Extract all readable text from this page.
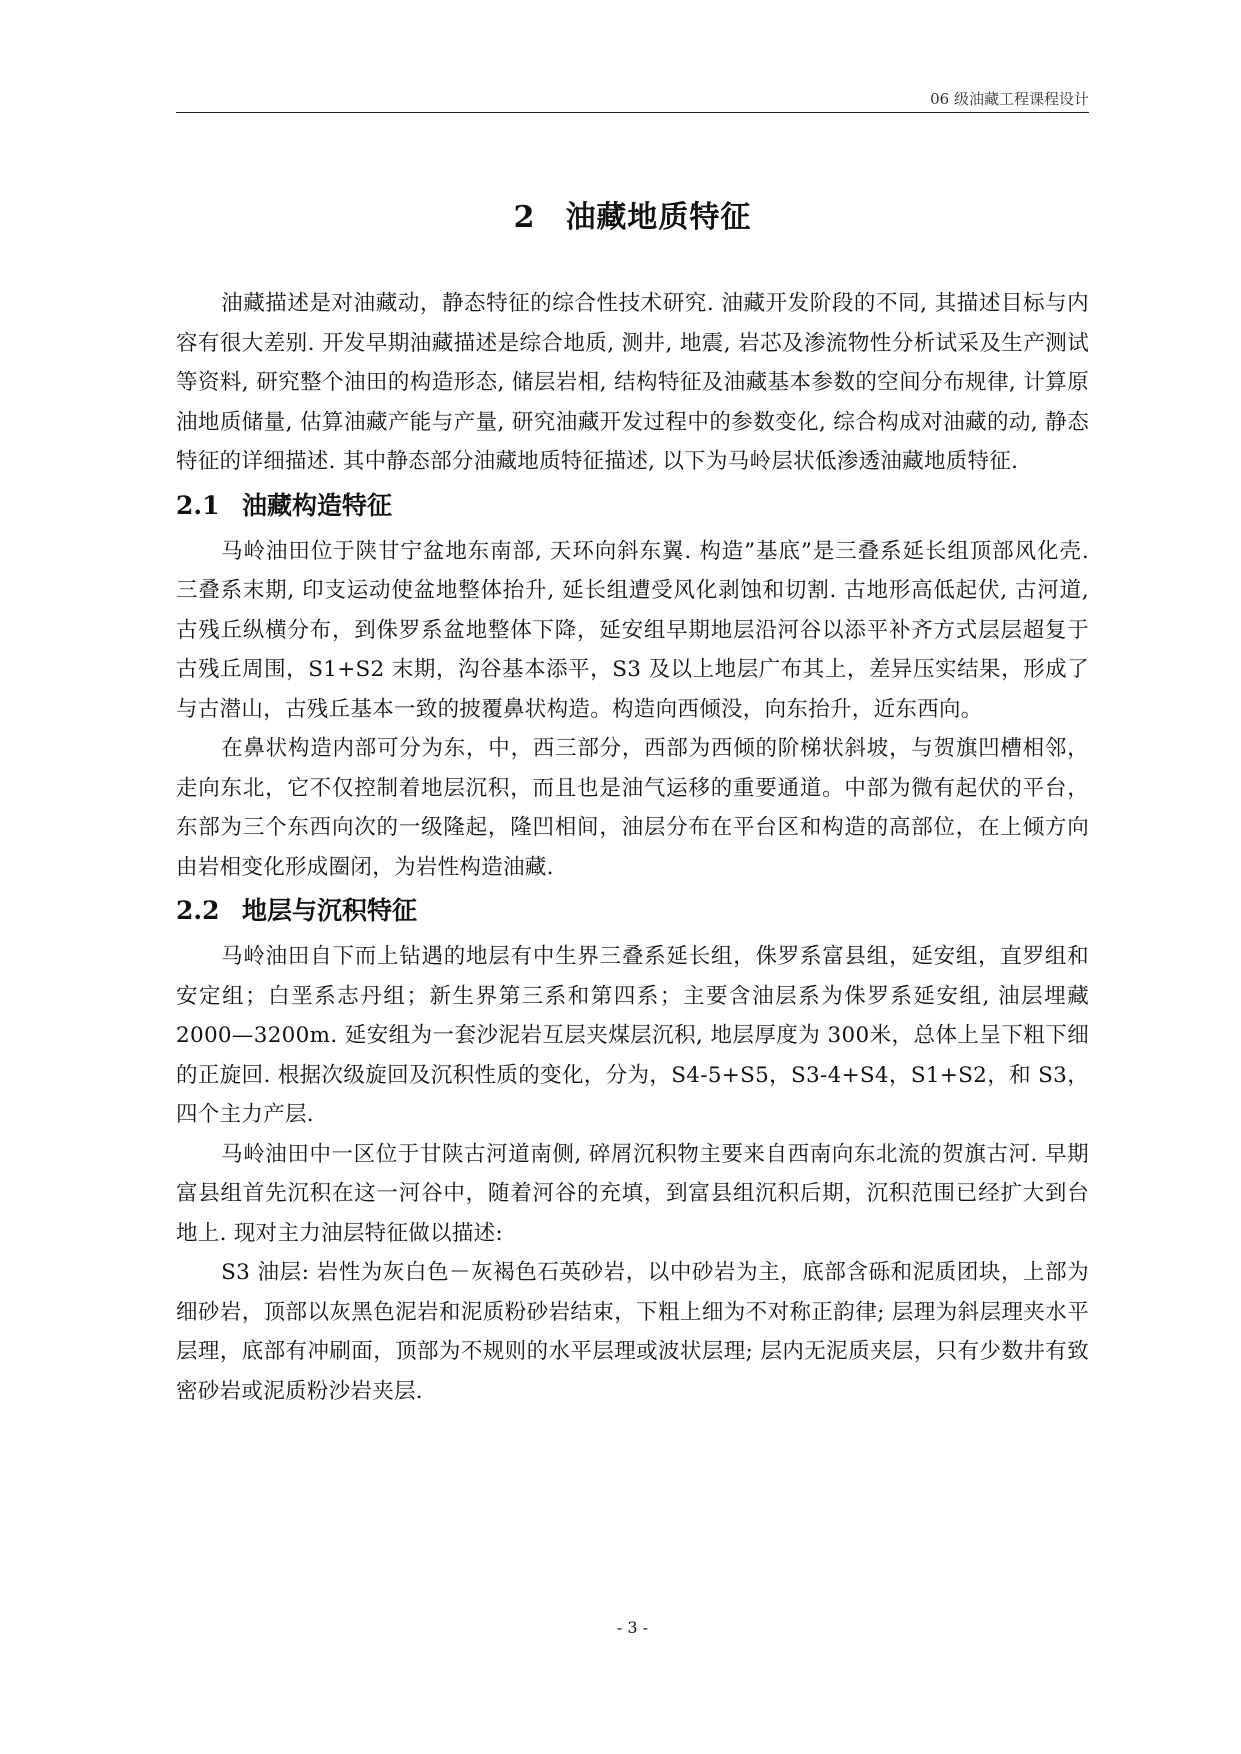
06 级油藏工程课程设计
2 油藏地质特征

油藏描述是对油藏动，静态特征的综合性技术研究. 油藏开发阶段的不同, 其描述目标与内容有很大差别. 开发早期油藏描述是综合地质, 测井, 地震, 岩芯及渗流物性分析试采及生产测试等资料, 研究整个油田的构造形态, 储层岩相, 结构特征及油藏基本参数的空间分布规律, 计算原油地质储量, 估算油藏产能与产量, 研究油藏开发过程中的参数变化, 综合构成对油藏的动, 静态特征的详细描述. 其中静态部分油藏地质特征描述, 以下为马岭层状低渗透油藏地质特征.

2.1 油藏构造特征

马岭油田位于陕甘宁盆地东南部, 天环向斜东翼. 构造”基底”是三叠系延长组顶部风化壳. 三叠系末期, 印支运动使盆地整体抬升, 延长组遭受风化剥蚀和切割. 古地形高低起伏, 古河道, 古残丘纵横分布，到侏罗系盆地整体下降，延安组早期地层沿河谷以添平补齐方式层层超复于古残丘周围，S1+S2 末期，沟谷基本添平，S3 及以上地层广布其上，差异压实结果，形成了与古潜山，古残丘基本一致的披覆鼻状构造。构造向西倾没，向东抬升，近东西向。

在鼻状构造内部可分为东，中，西三部分，西部为西倾的阶梯状斜坡，与贺旗凹槽相邻，走向东北，它不仅控制着地层沉积，而且也是油气运移的重要通道。中部为微有起伏的平台，东部为三个东西向次的一级隆起，隆凹相间，油层分布在平台区和构造的高部位，在上倾方向由岩相变化形成圈闭，为岩性构造油藏.

2.2 地层与沉积特征

马岭油田自下而上钻遇的地层有中生界三叠系延长组，侏罗系富县组，延安组，直罗组和安定组；白垩系志丹组；新生界第三系和第四系；主要含油层系为侏罗系延安组, 油层埋藏 2000—3200m. 延安组为一套沙泥岩互层夹煤层沉积, 地层厚度为 300米，总体上呈下粗下细的正旋回. 根据次级旋回及沉积性质的变化，分为，S4-5+S5，S3-4+S4，S1+S2，和 S3，四个主力产层.

马岭油田中一区位于甘陕古河道南侧, 碎屑沉积物主要来自西南向东北流的贺旗古河. 早期富县组首先沉积在这一河谷中，随着河谷的充填，到富县组沉积后期，沉积范围已经扩大到台地上. 现对主力油层特征做以描述:

S3 油层: 岩性为灰白色－灰褐色石英砂岩，以中砂岩为主，底部含砾和泥质团块，上部为细砂岩，顶部以灰黑色泥岩和泥质粉砂岩结束，下粗上细为不对称正韵律; 层理为斜层理夹水平层理，底部有冲刷面，顶部为不规则的水平层理或波状层理; 层内无泥质夹层，只有少数井有致密砂岩或泥质粉沙岩夹层.

- 3 -
